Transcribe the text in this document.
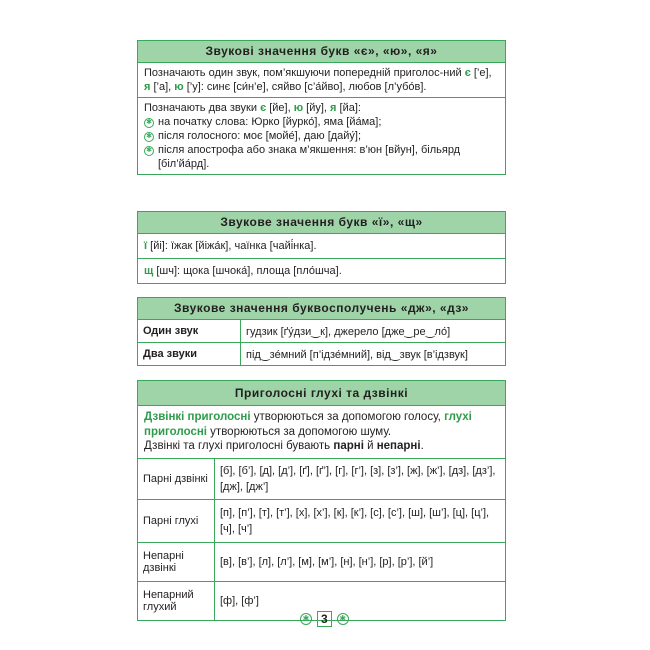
Звукові значення букв «є», «ю», «я»
Позначають один звук, пом’якшуючи попередній приголос-ний є [’е], я [’а], ю [’у]: синє [си́н’е], сяйво [с’а́йво], любов [л’убо́в].
Позначають два звуки є [йе], ю [йу], я [йа]:
✱ на початку слова: Юрко [йурко́], яма [йа́ма];
✱ після голосного: моє [мойе́], даю [дайу́];
✱ після апострофа або знака м’якшення: в’юн [вйун], більярд [бiл’йа́рд].
Звукове значення букв «ї», «щ»
ї [йі]: їжак [йіжа́к], чаїнка [чайі́нка].
щ [шч]: щока [шчока́], площа [пло́шча].
Звукове значення буквосполучень «дж», «дз»
Один звук	гудзик [ґу́дзи‿к], джерело [дже‿ре‿ло́]
Два звуки	під‿зе́мний [п’ідзе́мний], від‿звук [в’ідзвук]
Приголосні глухі та дзвінкі
Дзвінкі приголосні утворюються за допомогою голосу, глухі приголосні утворюються за допомогою шуму.
Дзвінкі та глухі приголосні бувають парні й непарні.
Парні дзвінкі	[б], [б’], [д], [д’], [ґ], [ґ’], [г], [г’], [з], [з’], [ж], [ж’], [дз], [дз’], [дж], [дж’]
Парні глухі	[п], [п’], [т], [т’], [х], [х’], [к], [к’], [с], [с’], [ш], [ш’], [ц], [ц’], [ч], [ч’]
Непарні дзвінкі	[в], [в’], [л], [л’], [м], [м’], [н], [н’], [р], [р’], [й’]
Непарний глухий	[ф], [ф’]
✱ 3	✱
